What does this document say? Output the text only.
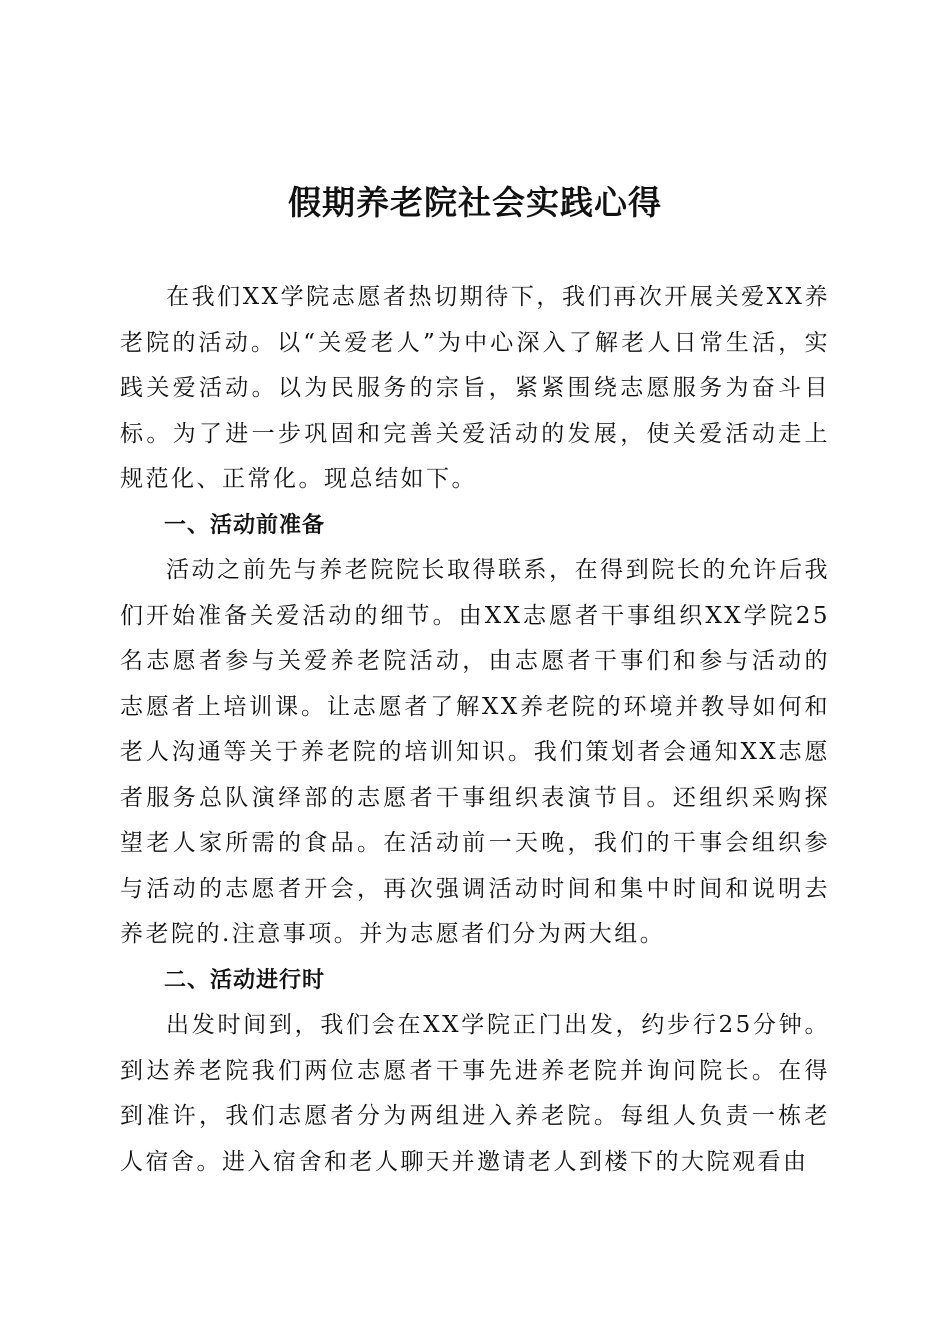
假期养老院社会实践心得

在我们XX学院志愿者热切期待下，我们再次开展关爱XX养老院的活动。以“关爱老人”为中心深入了解老人日常生活，实践关爱活动。以为民服务的宗旨，紧紧围绕志愿服务为奋斗目标。为了进一步巩固和完善关爱活动的发展，使关爱活动走上规范化、正常化。现总结如下。

一、活动前准备

活动之前先与养老院院长取得联系，在得到院长的允许后我们开始准备关爱活动的细节。由XX志愿者干事组织XX学院25名志愿者参与关爱养老院活动，由志愿者干事们和参与活动的志愿者上培训课。让志愿者了解XX养老院的环境并教导如何和老人沟通等关于养老院的培训知识。我们策划者会通知XX志愿者服务总队演绎部的志愿者干事组织表演节目。还组织采购探望老人家所需的食品。在活动前一天晚，我们的干事会组织参与活动的志愿者开会，再次强调活动时间和集中时间和说明去养老院的.注意事项。并为志愿者们分为两大组。

二、活动进行时

出发时间到，我们会在XX学院正门出发，约步行25分钟。到达养老院我们两位志愿者干事先进养老院并询问院长。在得到准许，我们志愿者分为两组进入养老院。每组人负责一栋老人宿舍。进入宿舍和老人聊天并邀请老人到楼下的大院观看由
